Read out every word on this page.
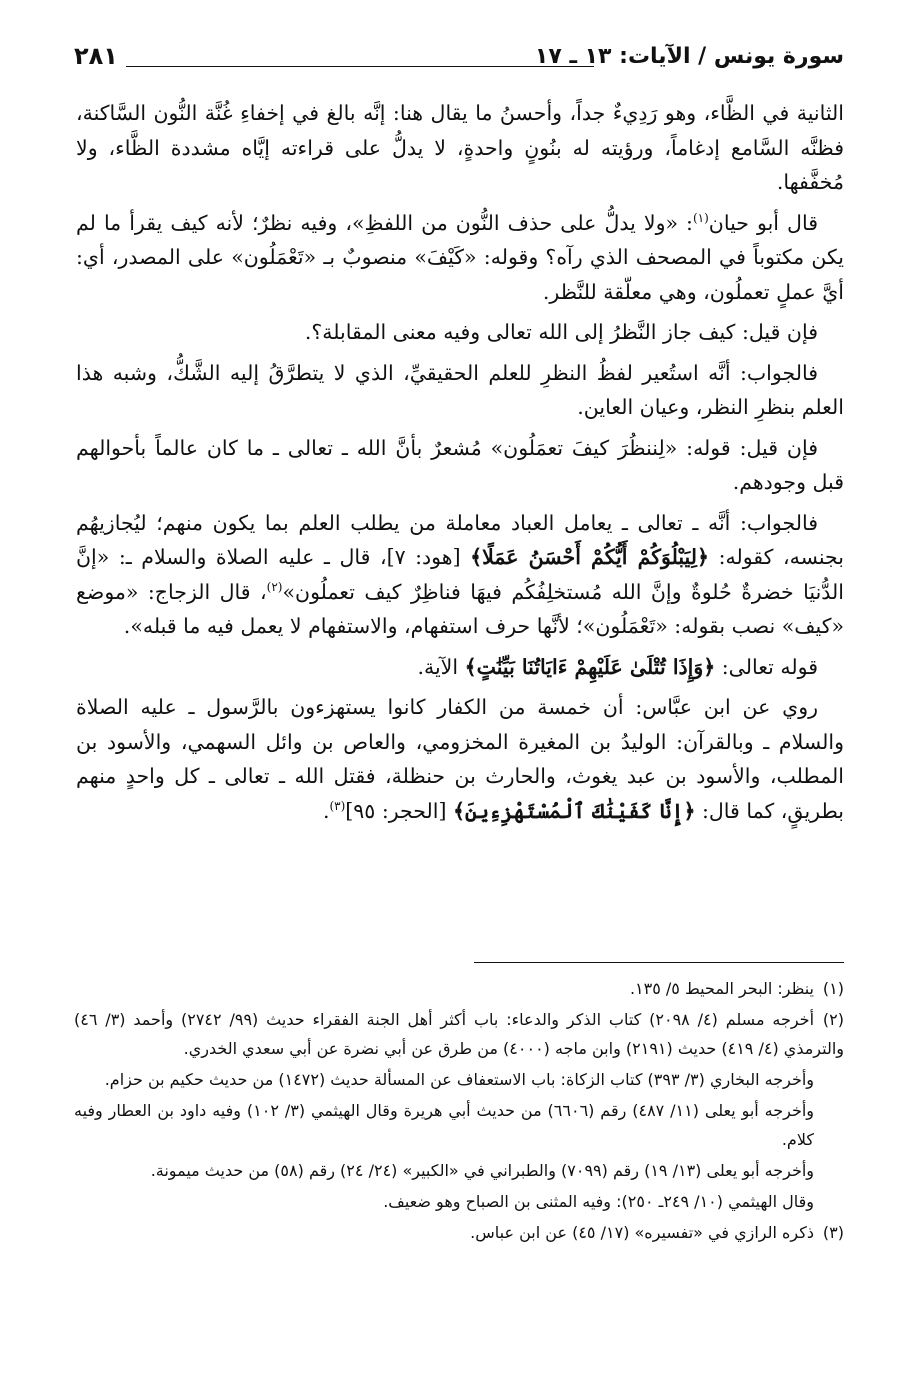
سورة يونس / الآيات: ١٣ ـ ١٧
٢٨١

الثانية في الظَّاء، وهو رَدِيءٌ جداً، وأحسنُ ما يقال هنا: إنَّه بالغ في إخفاءِ غُنَّة النُّون السَّاكنة، فظنَّه السَّامع إدغاماً، ورؤيته له بنُونٍ واحدةٍ، لا يدلُّ على قراءته إيَّاه مشددة الظَّاء، ولا مُخفَّفها.

قال أبو حيان$^{(١)}$: «ولا يدلُّ على حذف النُّون من اللفظِ»، وفيه نظرٌ؛ لأنه كيف يقرأ ما لم يكن مكتوباً في المصحف الذي رآه؟ وقوله: «كَيْفَ» منصوبٌ بـ «تَعْمَلُون» على المصدر، أي: أيَّ عملٍ تعملُون، وهي معلّقة للنَّظر.

فإن قيل: كيف جاز النَّظرُ إلى الله تعالى وفيه معنى المقابلة؟.

فالجواب: أنَّه استُعير لفظُ النظرِ للعلم الحقيقيِّ، الذي لا يتطرَّقُ إليه الشَّكُّ، وشبه هذا العلم بنظرِ النظر، وعيان العاين.

فإن قيل: قوله: «لِننظُرَ كيفَ تعمَلُون» مُشعرٌ بأنَّ الله ـ تعالى ـ ما كان عالماً بأحوالهم قبل وجودهم.

فالجواب: أنَّه ـ تعالى ـ يعامل العباد معاملة من يطلب العلم بما يكون منهم؛ ليُجازيهُم بجنسه، كقوله: ﴿لِيَبْلُوَكُمْ أَيُّكُمْ أَحْسَنُ عَمَلًا﴾ [هود: ٧]، قال ـ عليه الصلاة والسلام ـ: «إنَّ الدُّنيَا خضرةٌ حُلوةٌ وإنَّ الله مُستخلِفُكُم فيهَا فناظِرٌ كيف تعملُون»$^{(٢)}$، قال الزجاج: «موضع «كيف» نصب بقوله: «تَعْمَلُون»؛ لأنَّها حرف استفهام، والاستفهام لا يعمل فيه ما قبله».

قوله تعالى: ﴿وَإِذَا تُتْلَىٰ عَلَيْهِمْ ءَايَاتُنَا بَيِّنَٰتٍ﴾ الآية.

روي عن ابن عبَّاس: أن خمسة من الكفار كانوا يستهزءون بالرَّسول ـ عليه الصلاة والسلام ـ وبالقرآن: الوليدُ بن المغيرة المخزومي، والعاص بن وائل السهمي، والأسود بن المطلب، والأسود بن عبد يغوث، والحارث بن حنظلة، فقتل الله ـ تعالى ـ كل واحدٍ منهم بطريقٍ، كما قال: ﴿إِنَّا كَفَيْنَٰكَ ٱلْمُسْتَهْزِءِينَ﴾ [الحجر: ٩٥]$^{(٣)}$.

(١)ينظر: البحر المحيط ٥/ ١٣٥.
(٢)أخرجه مسلم (٤/ ٢٠٩٨) كتاب الذكر والدعاء: باب أكثر أهل الجنة الفقراء حديث (٩٩/ ٢٧٤٢) وأحمد (٣/ ٤٦) والترمذي (٤/ ٤١٩) حديث (٢١٩١) وابن ماجه (٤٠٠٠) من طرق عن أبي نضرة عن أبي سعدي الخدري.
وأخرجه البخاري (٣/ ٣٩٣) كتاب الزكاة: باب الاستعفاف عن المسألة حديث (١٤٧٢) من حديث حكيم بن حزام.
وأخرجه أبو يعلى (١١/ ٤٨٧) رقم (٦٦٠٦) من حديث أبي هريرة وقال الهيثمي (٣/ ١٠٢) وفيه داود بن العطار وفيه كلام.
وأخرجه أبو يعلى (١٣/ ١٩) رقم (٧٠٩٩) والطبراني في «الكبير» (٢٤/ ٢٤) رقم (٥٨) من حديث ميمونة.
وقال الهيثمي (١٠/ ٢٤٩ـ ٢٥٠): وفيه المثنى بن الصباح وهو ضعيف.
(٣)ذكره الرازي في «تفسيره» (١٧/ ٤٥) عن ابن عباس.
